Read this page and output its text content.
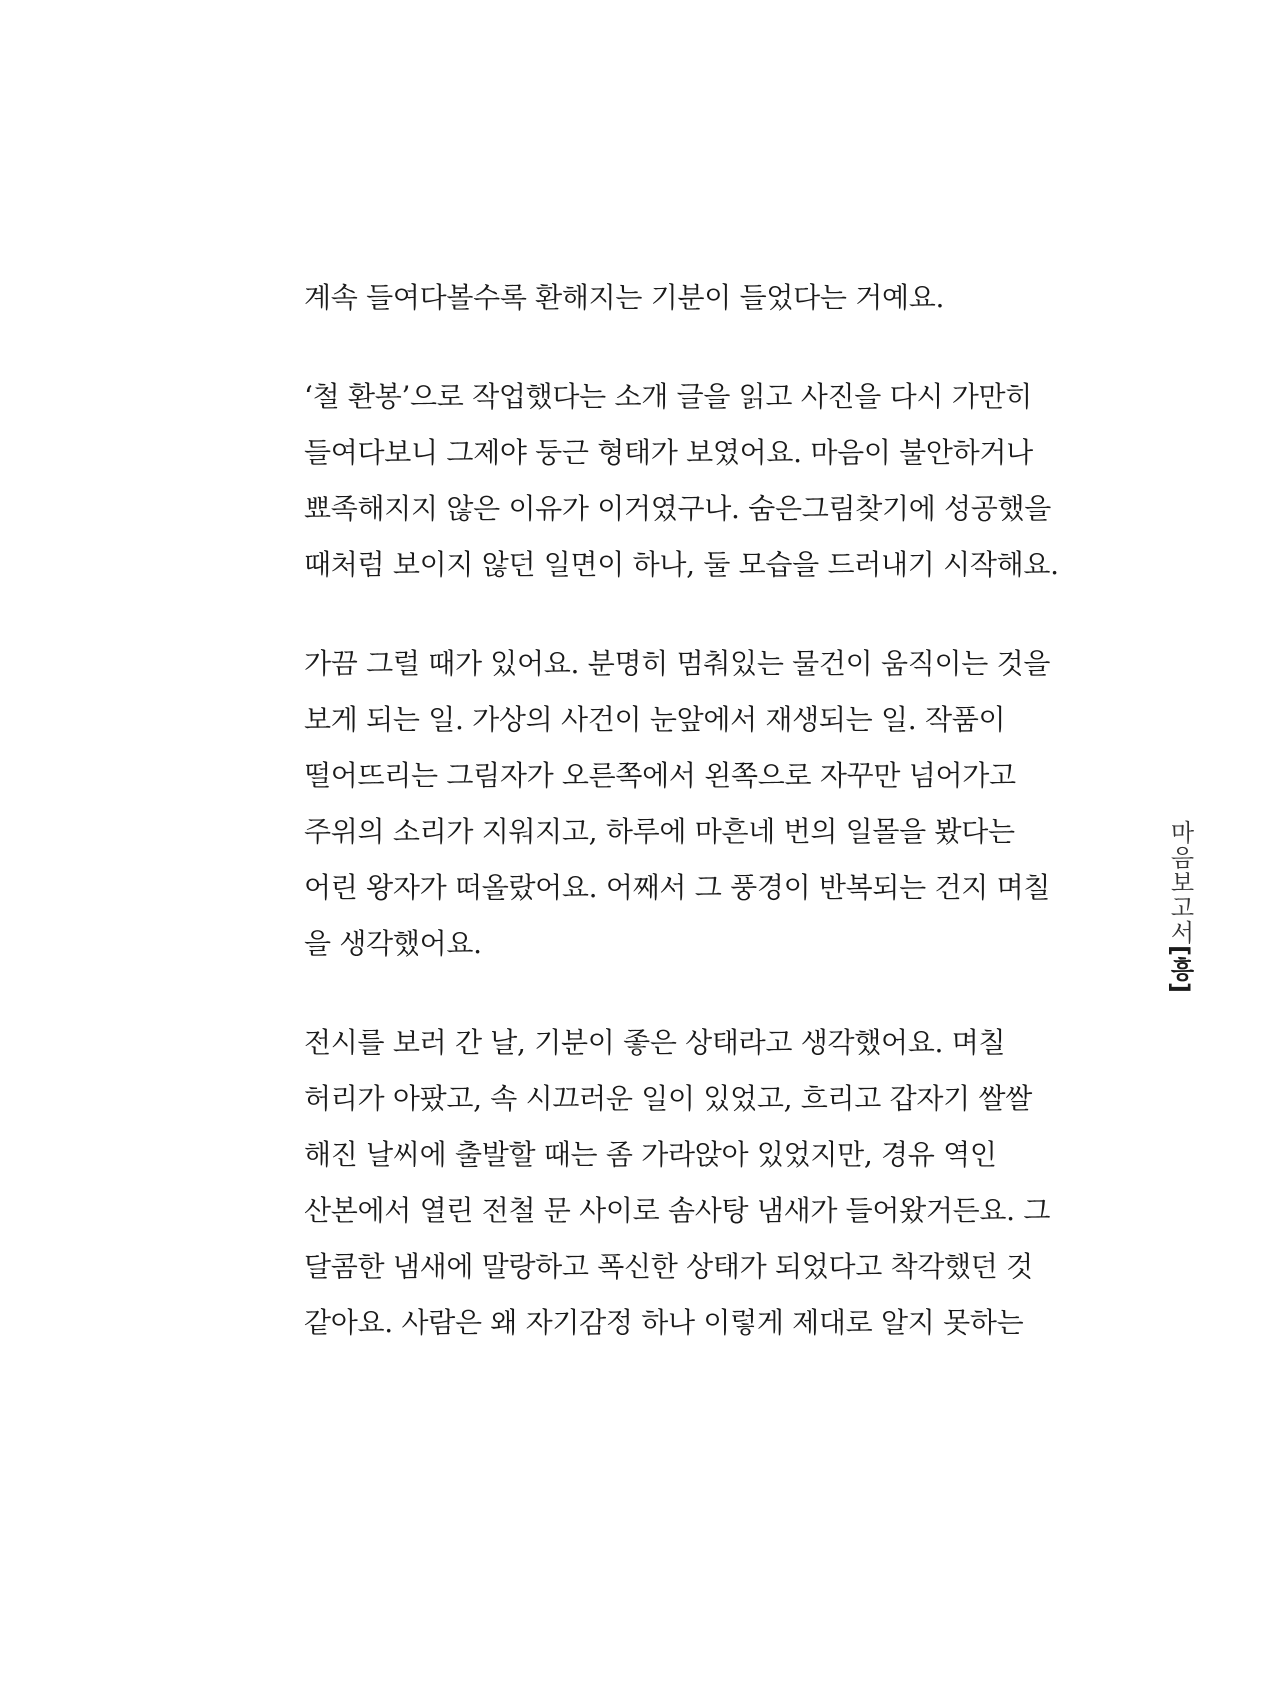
계속 들여다볼수록 환해지는 기분이 들었다는 거예요.
‘철 환봉’으로 작업했다는 소개 글을 읽고 사진을 다시 가만히
들여다보니 그제야 둥근 형태가 보였어요. 마음이 불안하거나
뾰족해지지 않은 이유가 이거였구나. 숨은그림찾기에 성공했을
때처럼 보이지 않던 일면이 하나, 둘 모습을 드러내기 시작해요.
가끔 그럴 때가 있어요. 분명히 멈춰있는 물건이 움직이는 것을
보게 되는 일. 가상의 사건이 눈앞에서 재생되는 일. 작품이
떨어뜨리는 그림자가 오른쪽에서 왼쪽으로 자꾸만 넘어가고
주위의 소리가 지워지고, 하루에 마흔네 번의 일몰을 봤다는
어린 왕자가 떠올랐어요. 어째서 그 풍경이 반복되는 건지 며칠
을 생각했어요.
전시를 보러 간 날, 기분이 좋은 상태라고 생각했어요. 며칠
허리가 아팠고, 속 시끄러운 일이 있었고, 흐리고 갑자기 쌀쌀
해진 날씨에 출발할 때는 좀 가라앉아 있었지만, 경유 역인
산본에서 열린 전철 문 사이로 솜사탕 냄새가 들어왔거든요. 그
달콤한 냄새에 말랑하고 폭신한 상태가 되었다고 착각했던 것
같아요. 사람은 왜 자기감정 하나 이렇게 제대로 알지 못하는
마음보고서[흥]
